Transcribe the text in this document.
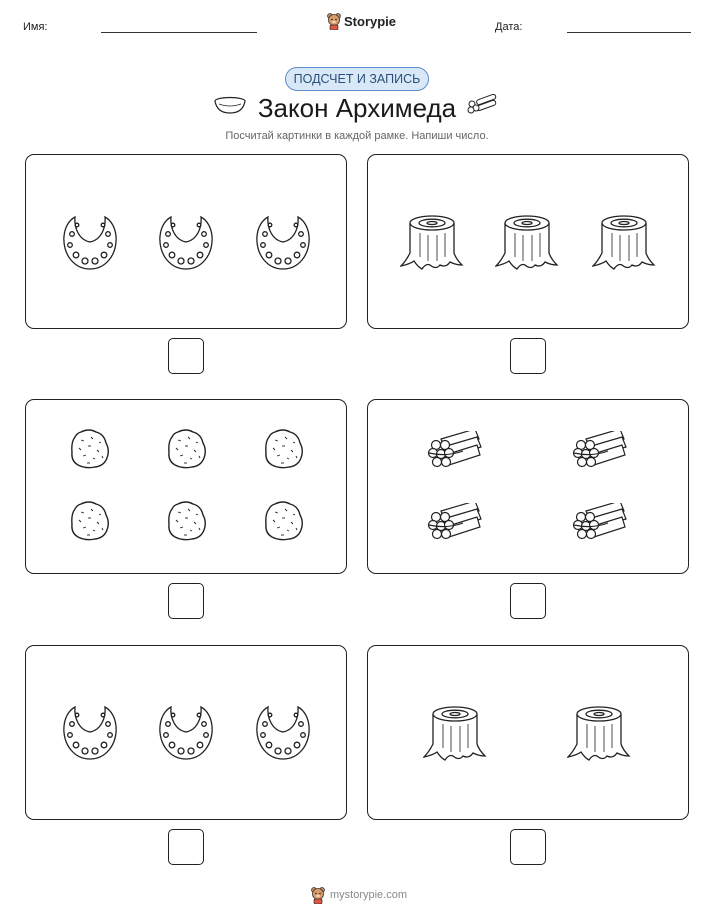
Имя:	Storypie	Дата:
ПОДСЧЕТ И ЗАПИСЬ
Закон Архимеда
Посчитай картинки в каждой рамке. Напиши число.
mystorypie.com
